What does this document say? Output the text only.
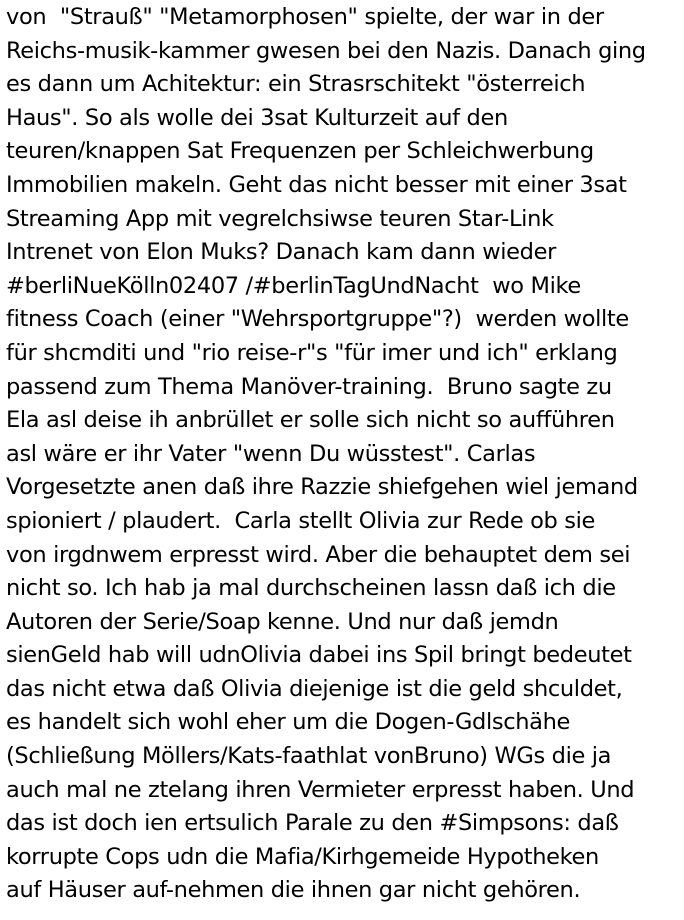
von  "Strauß" "Metamorphosen" spielte, der war in der
Reichs-musik-kammer gwesen bei den Nazis. Danach ging
es dann um Achitektur: ein Strasrschitekt "österreich
Haus". So als wolle dei 3sat Kulturzeit auf den
teuren/knappen Sat Frequenzen per Schleichwerbung
Immobilien makeln. Geht das nicht besser mit einer 3sat
Streaming App mit vegrelchsiwse teuren Star-Link
Intrenet von Elon Muks? Danach kam dann wieder
#berliNueKölln02407 /#berlinTagUndNacht  wo Mike
fitness Coach (einer "Wehrsportgruppe"?)  werden wollte
für shcmditi und "rio reise-r"s "für imer und ich" erklang
passend zum Thema Manöver-training.  Bruno sagte zu
Ela asl deise ih anbrüllet er solle sich nicht so aufführen
asl wäre er ihr Vater "wenn Du wüsstest". Carlas
Vorgesetzte anen daß ihre Razzie shiefgehen wiel jemand
spioniert / plaudert.  Carla stellt Olivia zur Rede ob sie
von irgdnwem erpresst wird. Aber die behauptet dem sei
nicht so. Ich hab ja mal durchscheinen lassn daß ich die
Autoren der Serie/Soap kenne. Und nur daß jemdn
sienGeld hab will udnOlivia dabei ins Spil bringt bedeutet
das nicht etwa daß Olivia diejenige ist die geld shculdet,
es handelt sich wohl eher um die Dogen-Gdlschähe
(Schließung Möllers/Kats-faathlat vonBruno) WGs die ja
auch mal ne ztelang ihren Vermieter erpresst haben. Und
das ist doch ien ertsulich Parale zu den #Simpsons: daß
korrupte Cops udn die Mafia/Kirhgemeide Hypotheken
auf Häuser auf-nehmen die ihnen gar nicht gehören.
